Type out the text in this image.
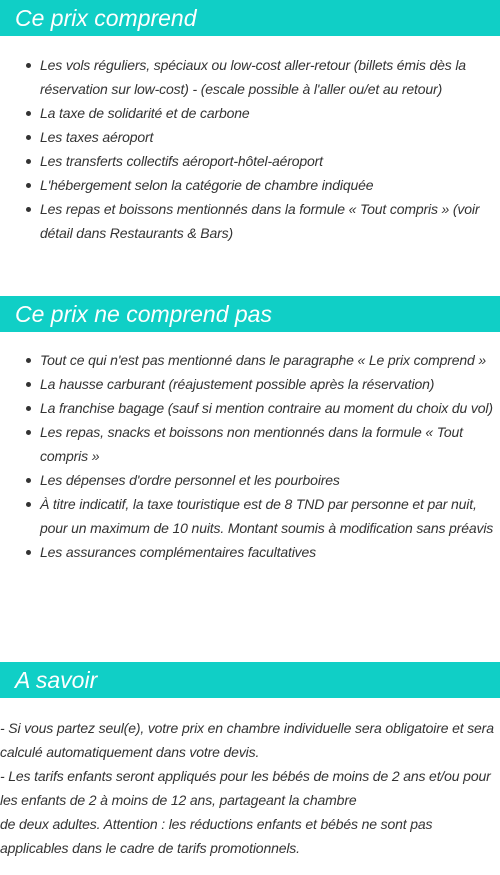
Ce prix comprend
Les vols réguliers, spéciaux ou low-cost aller-retour (billets émis dès la réservation sur low-cost) - (escale possible à l'aller ou/et au retour)
La taxe de solidarité et de carbone
Les taxes aéroport
Les transferts collectifs aéroport-hôtel-aéroport
L'hébergement selon la catégorie de chambre indiquée
Les repas et boissons mentionnés dans la formule « Tout compris » (voir détail dans Restaurants & Bars)
Ce prix ne comprend pas
Tout ce qui n'est pas mentionné dans le paragraphe « Le prix comprend »
La hausse carburant (réajustement possible après la réservation)
La franchise bagage (sauf si mention contraire au moment du choix du vol)
Les repas, snacks et boissons non mentionnés dans la formule « Tout compris »
Les dépenses d'ordre personnel et les pourboires
À titre indicatif, la taxe touristique est de 8 TND par personne et par nuit, pour un maximum de 10 nuits. Montant soumis à modification sans préavis
Les assurances complémentaires facultatives
A savoir

- Si vous partez seul(e), votre prix en chambre individuelle sera obligatoire et sera calculé automatiquement dans votre devis.

- Les tarifs enfants seront appliqués pour les bébés de moins de 2 ans et/ou pour les enfants de 2 à moins de 12 ans, partageant la chambre

de deux adultes. Attention : les réductions enfants et bébés ne sont pas applicables dans le cadre de tarifs promotionnels.
